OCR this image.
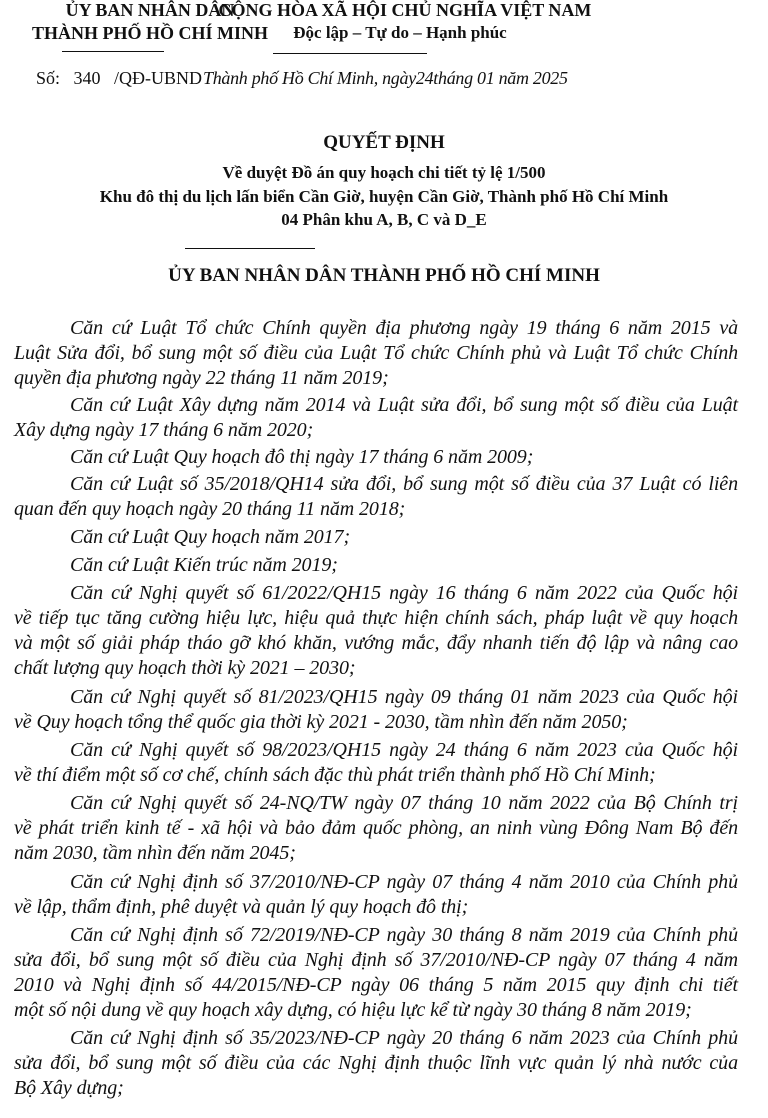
ỦY BAN NHÂN DÂN
THÀNH PHỐ HỒ CHÍ MINH
CỘNG HÒA XÃ HỘI CHỦ NGHĨA VIỆT NAM
Độc lập – Tự do – Hạnh phúc
Số: 340 /QĐ-UBND Thành phố Hồ Chí Minh, ngày24tháng 01 năm 2025
QUYẾT ĐỊNH
Về duyệt Đồ án quy hoạch chi tiết tỷ lệ 1/500
Khu đô thị du lịch lấn biển Cần Giờ, huyện Cần Giờ, Thành phố Hồ Chí Minh
04 Phân khu A, B, C và D_E
ỦY BAN NHÂN DÂN THÀNH PHỐ HỒ CHÍ MINH
Căn cứ Luật Tổ chức Chính quyền địa phương ngày 19 tháng 6 năm 2015 và
Luật Sửa đổi, bổ sung một số điều của Luật Tổ chức Chính phủ và Luật Tổ chức Chính
quyền địa phương ngày 22 tháng 11 năm 2019;
Căn cứ Luật Xây dựng năm 2014 và Luật sửa đổi, bổ sung một số điều của Luật
Xây dựng ngày 17 tháng 6 năm 2020;
Căn cứ Luật Quy hoạch đô thị ngày 17 tháng 6 năm 2009;
Căn cứ Luật số 35/2018/QH14 sửa đổi, bổ sung một số điều của 37 Luật có liên
quan đến quy hoạch ngày 20 tháng 11 năm 2018;
Căn cứ Luật Quy hoạch năm 2017;
Căn cứ Luật Kiến trúc năm 2019;
Căn cứ Nghị quyết số 61/2022/QH15 ngày 16 tháng 6 năm 2022 của Quốc hội
về tiếp tục tăng cường hiệu lực, hiệu quả thực hiện chính sách, pháp luật về quy hoạch
và một số giải pháp tháo gỡ khó khăn, vướng mắc, đẩy nhanh tiến độ lập và nâng cao
chất lượng quy hoạch thời kỳ 2021 – 2030;
Căn cứ Nghị quyết số 81/2023/QH15 ngày 09 tháng 01 năm 2023 của Quốc hội
về Quy hoạch tổng thể quốc gia thời kỳ 2021 - 2030, tầm nhìn đến năm 2050;
Căn cứ Nghị quyết số 98/2023/QH15 ngày 24 tháng 6 năm 2023 của Quốc hội
về thí điểm một số cơ chế, chính sách đặc thù phát triển thành phố Hồ Chí Minh;
Căn cứ Nghị quyết số 24-NQ/TW ngày 07 tháng 10 năm 2022 của Bộ Chính trị
về phát triển kinh tế - xã hội và bảo đảm quốc phòng, an ninh vùng Đông Nam Bộ đến
năm 2030, tầm nhìn đến năm 2045;
Căn cứ Nghị định số 37/2010/NĐ-CP ngày 07 tháng 4 năm 2010 của Chính phủ
về lập, thẩm định, phê duyệt và quản lý quy hoạch đô thị;
Căn cứ Nghị định số 72/2019/NĐ-CP ngày 30 tháng 8 năm 2019 của Chính phủ
sửa đổi, bổ sung một số điều của Nghị định số 37/2010/NĐ-CP ngày 07 tháng 4 năm
2010 và Nghị định số 44/2015/NĐ-CP ngày 06 tháng 5 năm 2015 quy định chi tiết
một số nội dung về quy hoạch xây dựng, có hiệu lực kể từ ngày 30 tháng 8 năm 2019;
Căn cứ Nghị định số 35/2023/NĐ-CP ngày 20 tháng 6 năm 2023 của Chính phủ
sửa đổi, bổ sung một số điều của các Nghị định thuộc lĩnh vực quản lý nhà nước của
Bộ Xây dựng;
